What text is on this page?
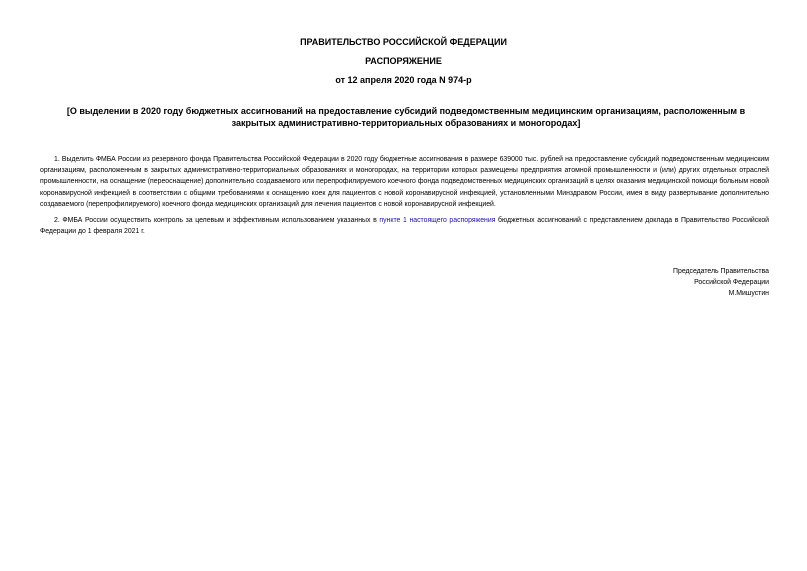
ПРАВИТЕЛЬСТВО РОССИЙСКОЙ ФЕДЕРАЦИИ
РАСПОРЯЖЕНИЕ
от 12 апреля 2020 года N 974-р
[О выделении в 2020 году бюджетных ассигнований на предоставление субсидий подведомственным медицинским организациям, расположенным в закрытых административно-территориальных образованиях и моногородах]

1. Выделить ФМБА России из резервного фонда Правительства Российской Федерации в 2020 году бюджетные ассигнования в размере 639000 тыс. рублей на предоставление субсидий подведомственным медицинским организациям, расположенным в закрытых административно-территориальных образованиях и моногородах, на территории которых размещены предприятия атомной промышленности и (или) других отдельных отраслей промышленности, на оснащение (переоснащение) дополнительно создаваемого или перепрофилируемого коечного фонда подведомственных медицинских организаций в целях оказания медицинской помощи больным новой коронавирусной инфекцией в соответствии с общими требованиями к оснащению коек для пациентов с новой коронавирусной инфекцией, установленными Минздравом России, имея в виду развертывание дополнительно создаваемого (перепрофилируемого) коечного фонда медицинских организаций для лечения пациентов с новой коронавирусной инфекцией.

2. ФМБА России осуществить контроль за целевым и эффективным использованием указанных в пункте 1 настоящего распоряжения бюджетных ассигнований с представлением доклада в Правительство Российской Федерации до 1 февраля 2021 г.

Председатель Правительства
Российской Федерации
М.Мишустин
